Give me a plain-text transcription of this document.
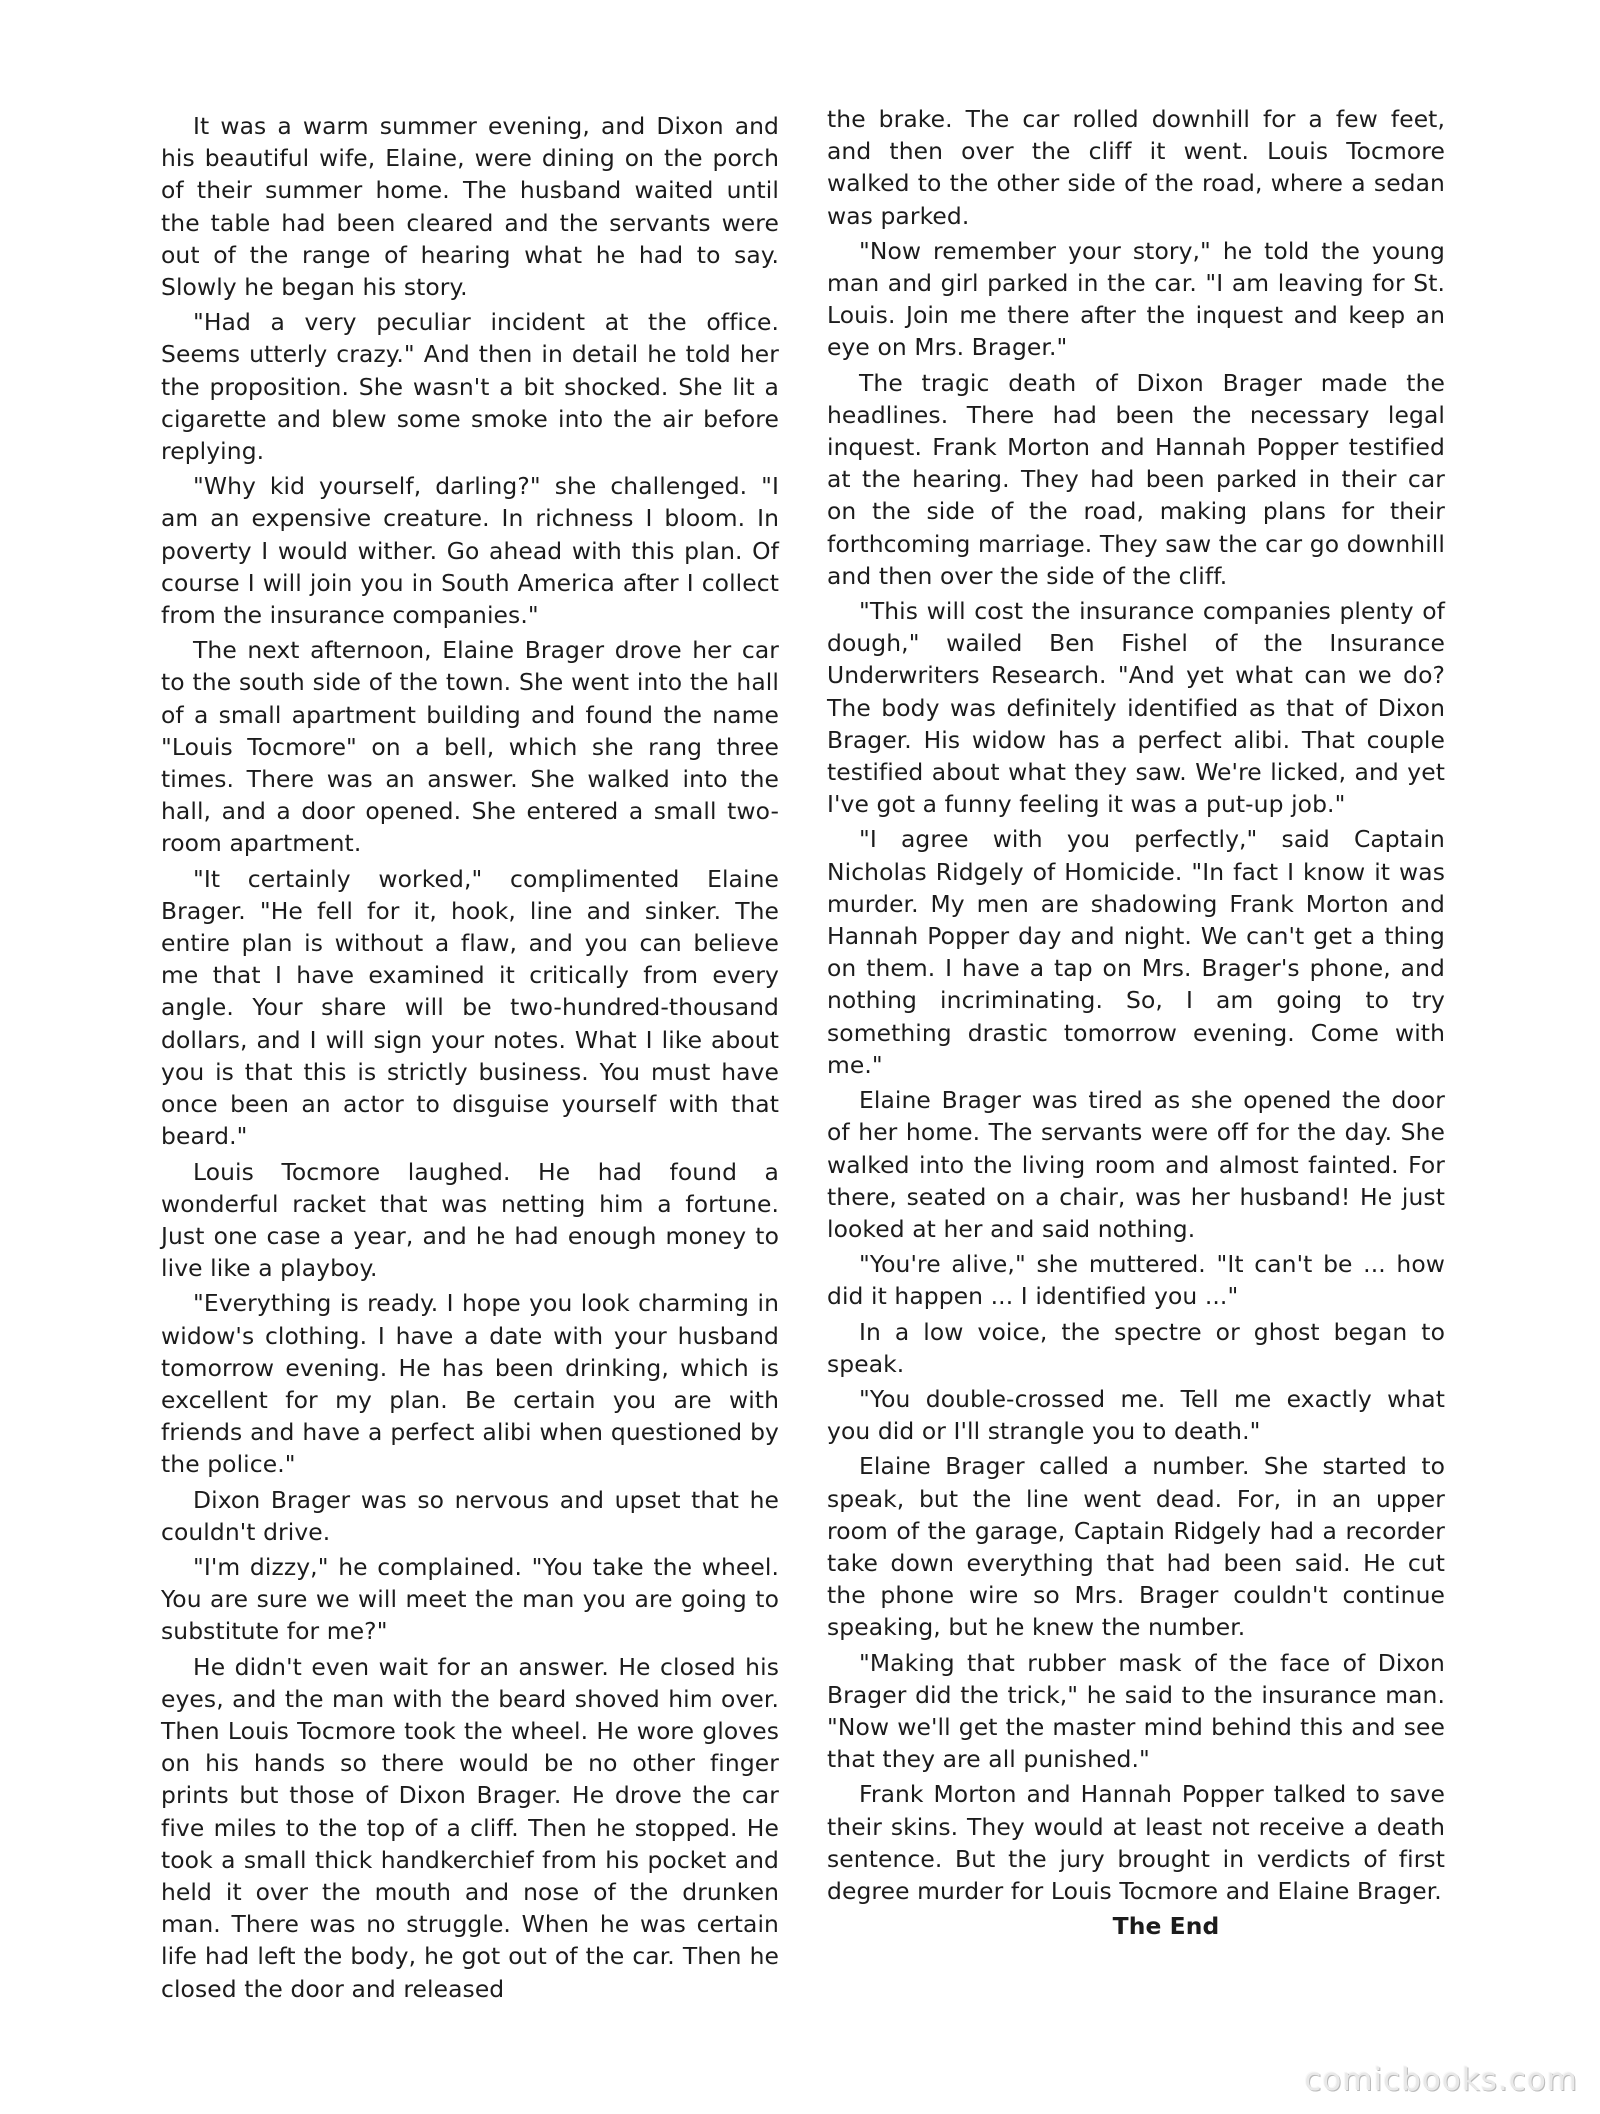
It was a warm summer evening, and Dixon and his beautiful wife, Elaine, were dining on the porch of their summer home. The husband waited until the table had been cleared and the servants were out of the range of hearing what he had to say. Slowly he began his story.

"Had a very peculiar incident at the office. Seems utterly crazy." And then in detail he told her the proposition. She wasn't a bit shocked. She lit a cigarette and blew some smoke into the air before replying.

"Why kid yourself, darling?" she challenged. "I am an expensive creature. In richness I bloom. In poverty I would wither. Go ahead with this plan. Of course I will join you in South America after I collect from the insurance companies."

The next afternoon, Elaine Brager drove her car to the south side of the town. She went into the hall of a small apartment building and found the name "Louis Tocmore" on a bell, which she rang three times. There was an answer. She walked into the hall, and a door opened. She entered a small two-room apartment.

"It certainly worked," complimented Elaine Brager. "He fell for it, hook, line and sinker. The entire plan is without a flaw, and you can believe me that I have examined it critically from every angle. Your share will be two-hundred-thousand dollars, and I will sign your notes. What I like about you is that this is strictly business. You must have once been an actor to disguise yourself with that beard."

Louis Tocmore laughed. He had found a wonderful racket that was netting him a fortune. Just one case a year, and he had enough money to live like a playboy.

"Everything is ready. I hope you look charming in widow's clothing. I have a date with your husband tomorrow evening. He has been drinking, which is excellent for my plan. Be certain you are with friends and have a perfect alibi when questioned by the police."

Dixon Brager was so nervous and upset that he couldn't drive.

"I'm dizzy," he complained. "You take the wheel. You are sure we will meet the man you are going to substitute for me?"

He didn't even wait for an answer. He closed his eyes, and the man with the beard shoved him over. Then Louis Tocmore took the wheel. He wore gloves on his hands so there would be no other finger prints but those of Dixon Brager. He drove the car five miles to the top of a cliff. Then he stopped. He took a small thick handkerchief from his pocket and held it over the mouth and nose of the drunken man. There was no struggle. When he was certain life had left the body, he got out of the car. Then he closed the door and released

the brake. The car rolled downhill for a few feet, and then over the cliff it went. Louis Tocmore walked to the other side of the road, where a sedan was parked.

"Now remember your story," he told the young man and girl parked in the car. "I am leaving for St. Louis. Join me there after the inquest and keep an eye on Mrs. Brager."

The tragic death of Dixon Brager made the headlines. There had been the necessary legal inquest. Frank Morton and Hannah Popper testified at the hearing. They had been parked in their car on the side of the road, making plans for their forthcoming marriage. They saw the car go downhill and then over the side of the cliff.

"This will cost the insurance companies plenty of dough," wailed Ben Fishel of the Insurance Underwriters Research. "And yet what can we do? The body was definitely identified as that of Dixon Brager. His widow has a perfect alibi. That couple testified about what they saw. We're licked, and yet I've got a funny feeling it was a put-up job."

"I agree with you perfectly," said Captain Nicholas Ridgely of Homicide. "In fact I know it was murder. My men are shadowing Frank Morton and Hannah Popper day and night. We can't get a thing on them. I have a tap on Mrs. Brager's phone, and nothing incriminating. So, I am going to try something drastic tomorrow evening. Come with me."

Elaine Brager was tired as she opened the door of her home. The servants were off for the day. She walked into the living room and almost fainted. For there, seated on a chair, was her husband! He just looked at her and said nothing.

"You're alive," she muttered. "It can't be ... how did it happen ... I identified you ..."

In a low voice, the spectre or ghost began to speak.

"You double-crossed me. Tell me exactly what you did or I'll strangle you to death."

Elaine Brager called a number. She started to speak, but the line went dead. For, in an upper room of the garage, Captain Ridgely had a recorder take down everything that had been said. He cut the phone wire so Mrs. Brager couldn't continue speaking, but he knew the number.

"Making that rubber mask of the face of Dixon Brager did the trick," he said to the insurance man. "Now we'll get the master mind behind this and see that they are all punished."

Frank Morton and Hannah Popper talked to save their skins. They would at least not receive a death sentence. But the jury brought in verdicts of first degree murder for Louis Tocmore and Elaine Brager.

The End

comicbooks.com
